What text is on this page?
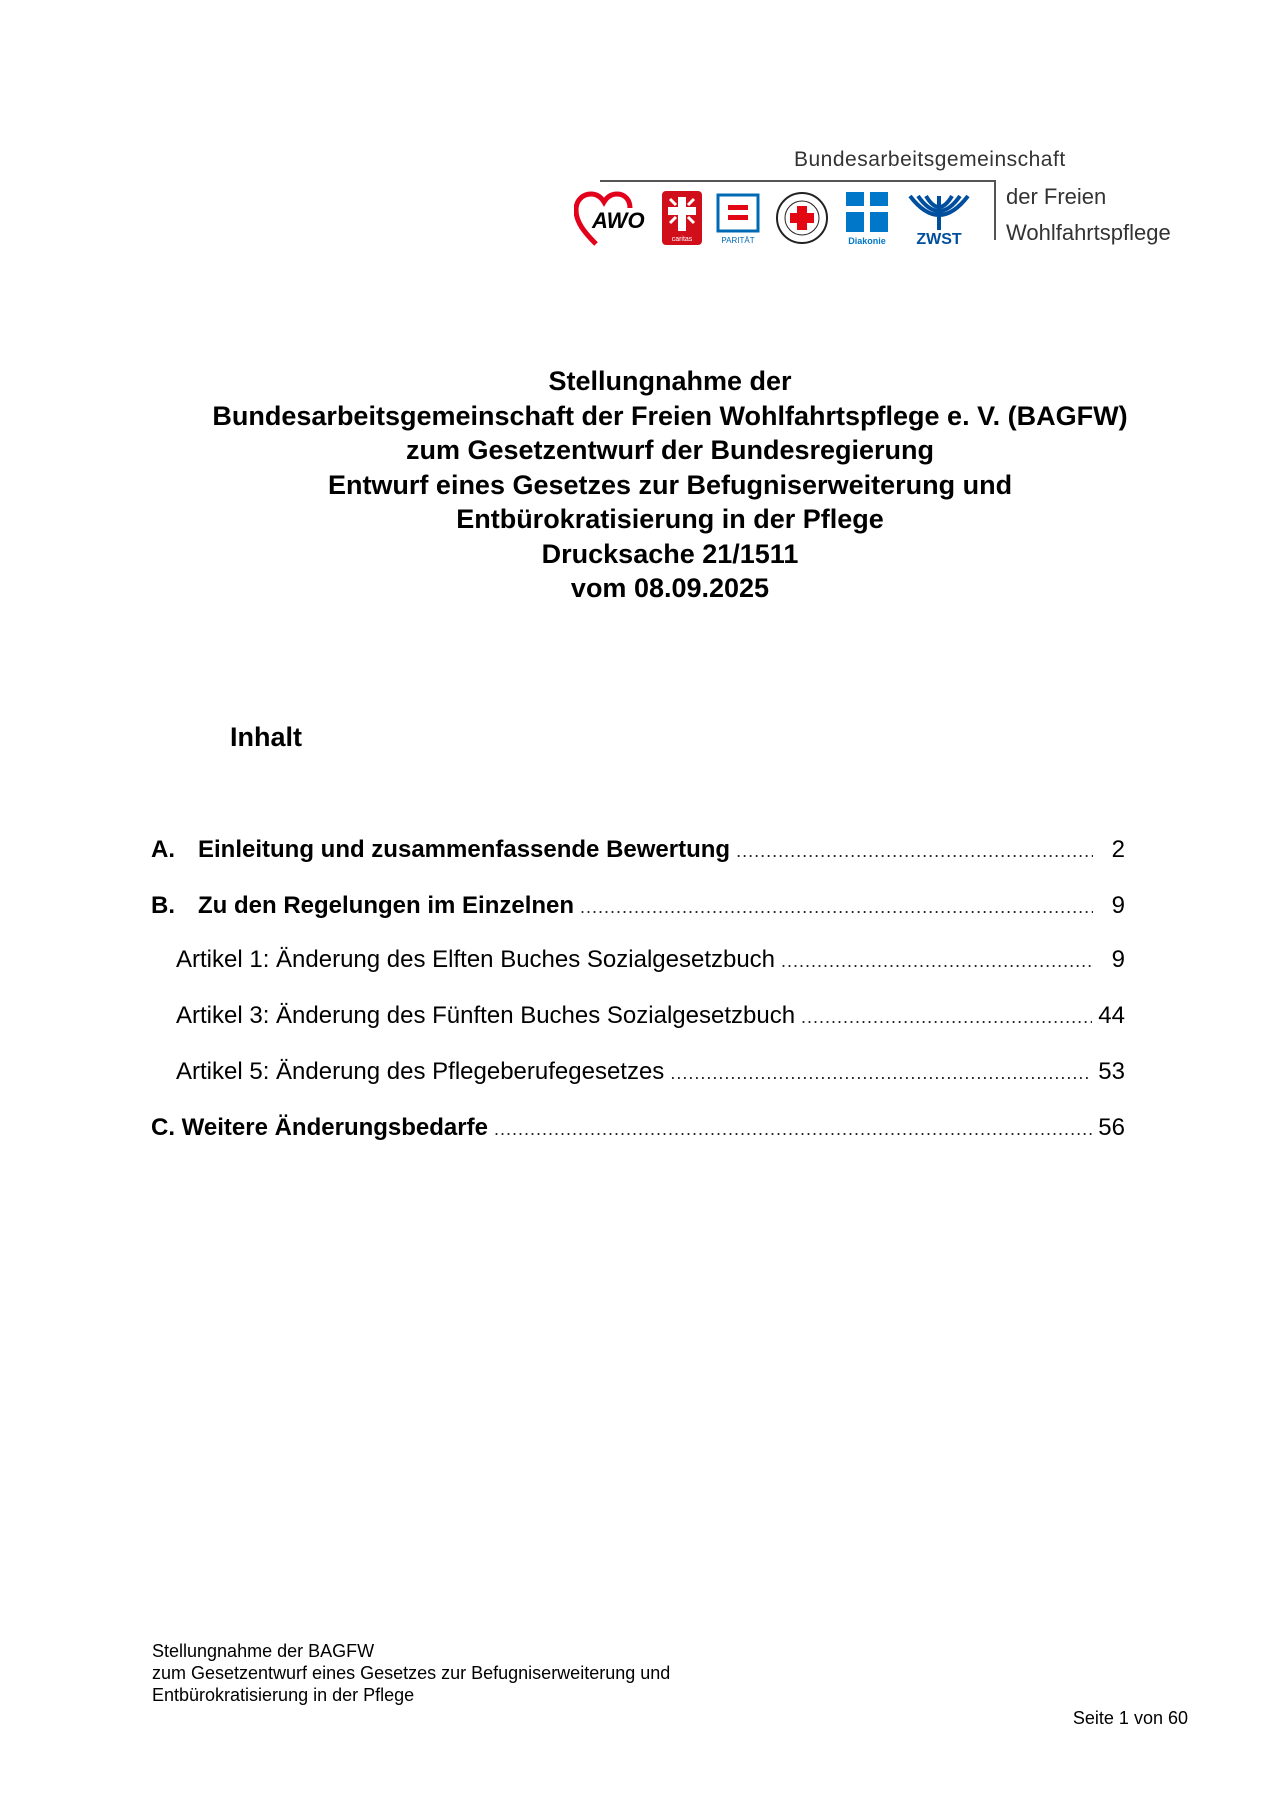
Bundesarbeitsgemeinschaft
der Freien
Wohlfahrtspflege
AWO
caritas	PARITÄT	Diakonie ZWST
Stellungnahme der
Bundesarbeitsgemeinschaft der Freien Wohlfahrtspflege e. V. (BAGFW)
zum Gesetzentwurf der Bundesregierung
Entwurf eines Gesetzes zur Befugniserweiterung und
Entbürokratisierung in der Pflege
Drucksache 21/1511
vom 08.09.2025
Inhalt
A. Einleitung und zusammenfassende Bewertung .....	2
B. Zu den Regelungen im Einzelnen .....	9
Artikel 1: Änderung des Elften Buches Sozialgesetzbuch .....	9
Artikel 3: Änderung des Fünften Buches Sozialgesetzbuch .....	44
Artikel 5: Änderung des Pflegeberufegesetzes .....	53
C. Weitere Änderungsbedarfe .....	56
Stellungnahme der BAGFW
zum Gesetzentwurf eines Gesetzes zur Befugniserweiterung und
Entbürokratisierung in der Pflege
Seite 1 von 60
